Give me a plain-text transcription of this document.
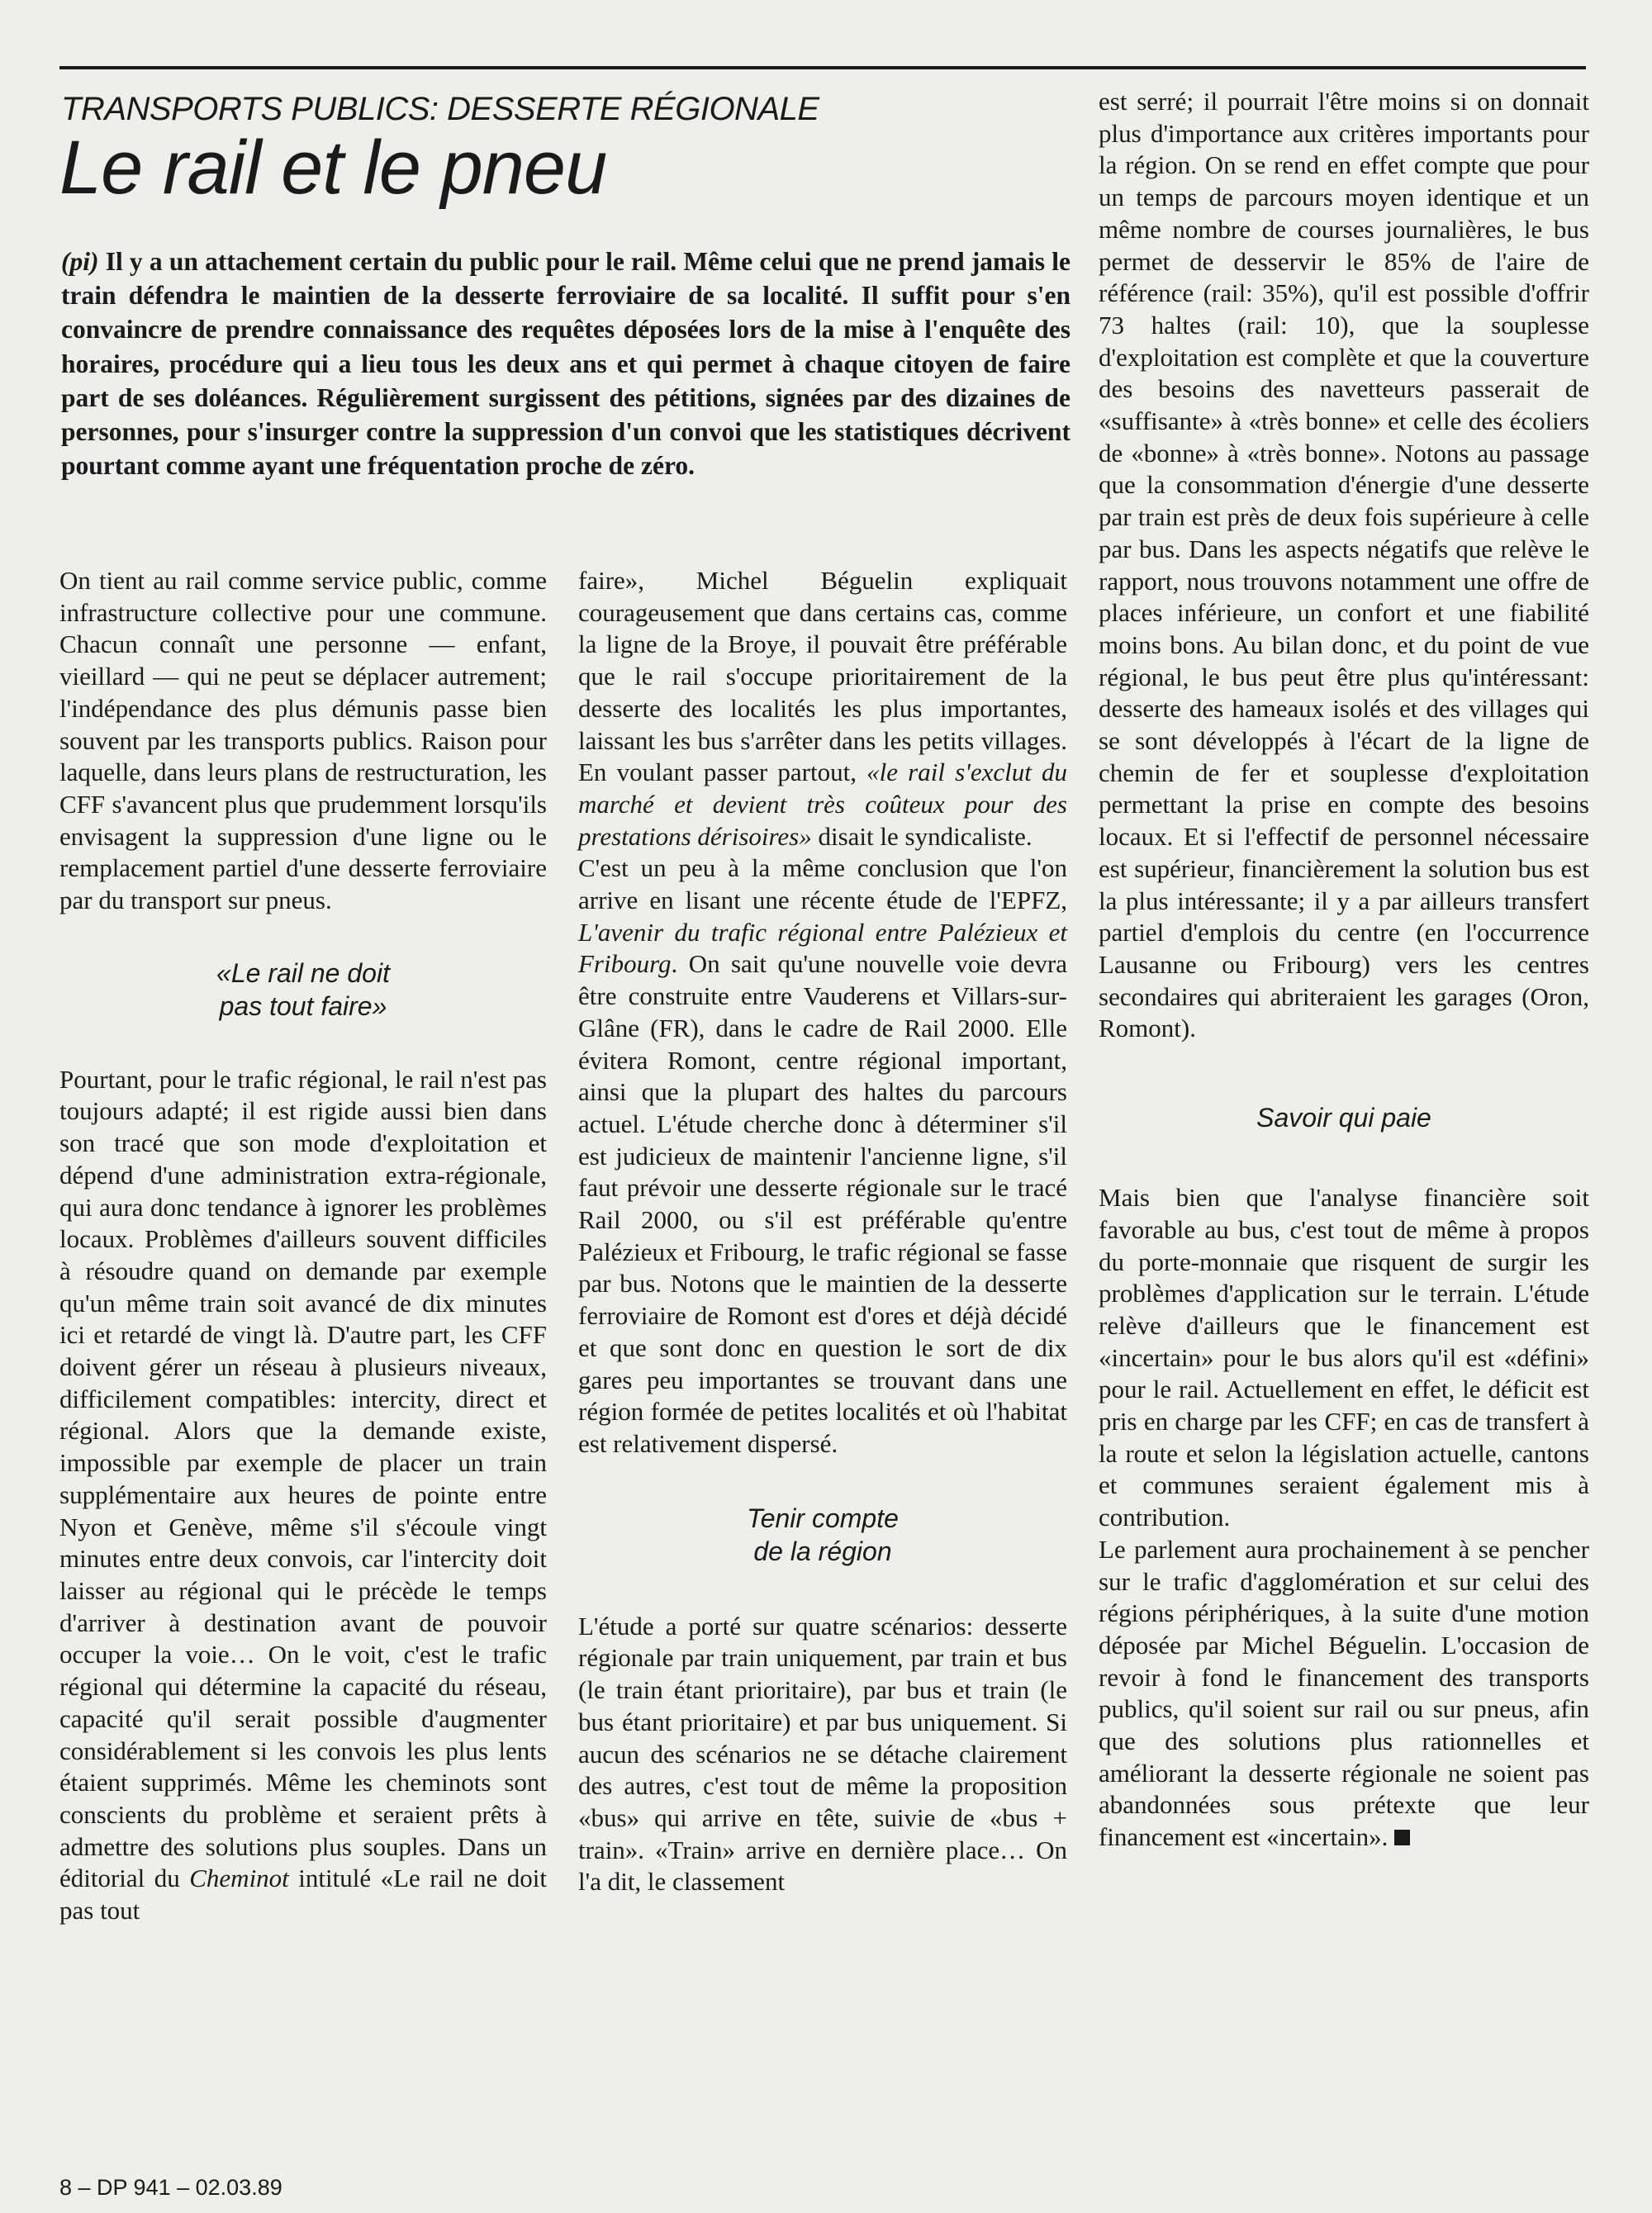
TRANSPORTS PUBLICS: DESSERTE RÉGIONALE
Le rail et le pneu
(pi) Il y a un attachement certain du public pour le rail. Même celui que ne prend jamais le train défendra le maintien de la desserte ferroviaire de sa localité. Il suffit pour s'en convaincre de prendre connaissance des requêtes déposées lors de la mise à l'enquête des horaires, procédure qui a lieu tous les deux ans et qui permet à chaque citoyen de faire part de ses doléances. Régulièrement surgissent des pétitions, signées par des dizaines de personnes, pour s'insurger contre la suppression d'un convoi que les statistiques décrivent pourtant comme ayant une fréquentation proche de zéro.

On tient au rail comme service public, comme infrastructure collective pour une commune. Chacun connaît une personne — enfant, vieillard — qui ne peut se déplacer autrement; l'indépendance des plus démunis passe bien souvent par les transports publics. Raison pour laquelle, dans leurs plans de restructuration, les CFF s'avancent plus que prudemment lorsqu'ils envisagent la suppression d'une ligne ou le remplacement partiel d'une desserte ferroviaire par du transport sur pneus.

«Le rail ne doit
pas tout faire»

Pourtant, pour le trafic régional, le rail n'est pas toujours adapté; il est rigide aussi bien dans son tracé que son mode d'exploitation et dépend d'une administration extra-régionale, qui aura donc tendance à ignorer les problèmes locaux. Problèmes d'ailleurs souvent difficiles à résoudre quand on demande par exemple qu'un même train soit avancé de dix minutes ici et retardé de vingt là. D'autre part, les CFF doivent gérer un réseau à plusieurs niveaux, difficilement compatibles: intercity, direct et régional. Alors que la demande existe, impossible par exemple de placer un train supplémentaire aux heures de pointe entre Nyon et Genève, même s'il s'écoule vingt minutes entre deux convois, car l'intercity doit laisser au régional qui le précède le temps d'arriver à destination avant de pouvoir occuper la voie… On le voit, c'est le trafic régional qui détermine la capacité du réseau, capacité qu'il serait possible d'augmenter considérablement si les convois les plus lents étaient supprimés. Même les cheminots sont conscients du problème et seraient prêts à admettre des solutions plus souples. Dans un éditorial du Cheminot intitulé «Le rail ne doit pas tout

faire», Michel Béguelin expliquait courageusement que dans certains cas, comme la ligne de la Broye, il pouvait être préférable que le rail s'occupe prioritairement de la desserte des localités les plus importantes, laissant les bus s'arrêter dans les petits villages. En voulant passer partout, «le rail s'exclut du marché et devient très coûteux pour des prestations dérisoires» disait le syndicaliste.

C'est un peu à la même conclusion que l'on arrive en lisant une récente étude de l'EPFZ, L'avenir du trafic régional entre Palézieux et Fribourg. On sait qu'une nouvelle voie devra être construite entre Vauderens et Villars-sur-Glâne (FR), dans le cadre de Rail 2000. Elle évitera Romont, centre régional important, ainsi que la plupart des haltes du parcours actuel. L'étude cherche donc à déterminer s'il est judicieux de maintenir l'ancienne ligne, s'il faut prévoir une desserte régionale sur le tracé Rail 2000, ou s'il est préférable qu'entre Palézieux et Fribourg, le trafic régional se fasse par bus. Notons que le maintien de la desserte ferroviaire de Romont est d'ores et déjà décidé et que sont donc en question le sort de dix gares peu importantes se trouvant dans une région formée de petites localités et où l'habitat est relativement dispersé.

Tenir compte
de la région

L'étude a porté sur quatre scénarios: desserte régionale par train uniquement, par train et bus (le train étant prioritaire), par bus et train (le bus étant prioritaire) et par bus uniquement. Si aucun des scénarios ne se détache clairement des autres, c'est tout de même la proposition «bus» qui arrive en tête, suivie de «bus + train». «Train» arrive en dernière place… On l'a dit, le classement

est serré; il pourrait l'être moins si on donnait plus d'importance aux critères importants pour la région. On se rend en effet compte que pour un temps de parcours moyen identique et un même nombre de courses journalières, le bus permet de desservir le 85% de l'aire de référence (rail: 35%), qu'il est possible d'offrir 73 haltes (rail: 10), que la souplesse d'exploitation est complète et que la couverture des besoins des navetteurs passerait de «suffisante» à «très bonne» et celle des écoliers de «bonne» à «très bonne». Notons au passage que la consommation d'énergie d'une desserte par train est près de deux fois supérieure à celle par bus. Dans les aspects négatifs que relève le rapport, nous trouvons notamment une offre de places inférieure, un confort et une fiabilité moins bons. Au bilan donc, et du point de vue régional, le bus peut être plus qu'intéressant: desserte des hameaux isolés et des villages qui se sont développés à l'écart de la ligne de chemin de fer et souplesse d'exploitation permettant la prise en compte des besoins locaux. Et si l'effectif de personnel nécessaire est supérieur, financièrement la solution bus est la plus intéressante; il y a par ailleurs transfert partiel d'emplois du centre (en l'occurrence Lausanne ou Fribourg) vers les centres secondaires qui abriteraient les garages (Oron, Romont).

Savoir qui paie

Mais bien que l'analyse financière soit favorable au bus, c'est tout de même à propos du porte-monnaie que risquent de surgir les problèmes d'application sur le terrain. L'étude relève d'ailleurs que le financement est «incertain» pour le bus alors qu'il est «défini» pour le rail. Actuellement en effet, le déficit est pris en charge par les CFF; en cas de transfert à la route et selon la législation actuelle, cantons et communes seraient également mis à contribution.

Le parlement aura prochainement à se pencher sur le trafic d'agglomération et sur celui des régions périphériques, à la suite d'une motion déposée par Michel Béguelin. L'occasion de revoir à fond le financement des transports publics, qu'il soient sur rail ou sur pneus, afin que des solutions plus rationnelles et améliorant la desserte régionale ne soient pas abandonnées sous prétexte que leur financement est «incertain».

8 – DP 941 – 02.03.89
